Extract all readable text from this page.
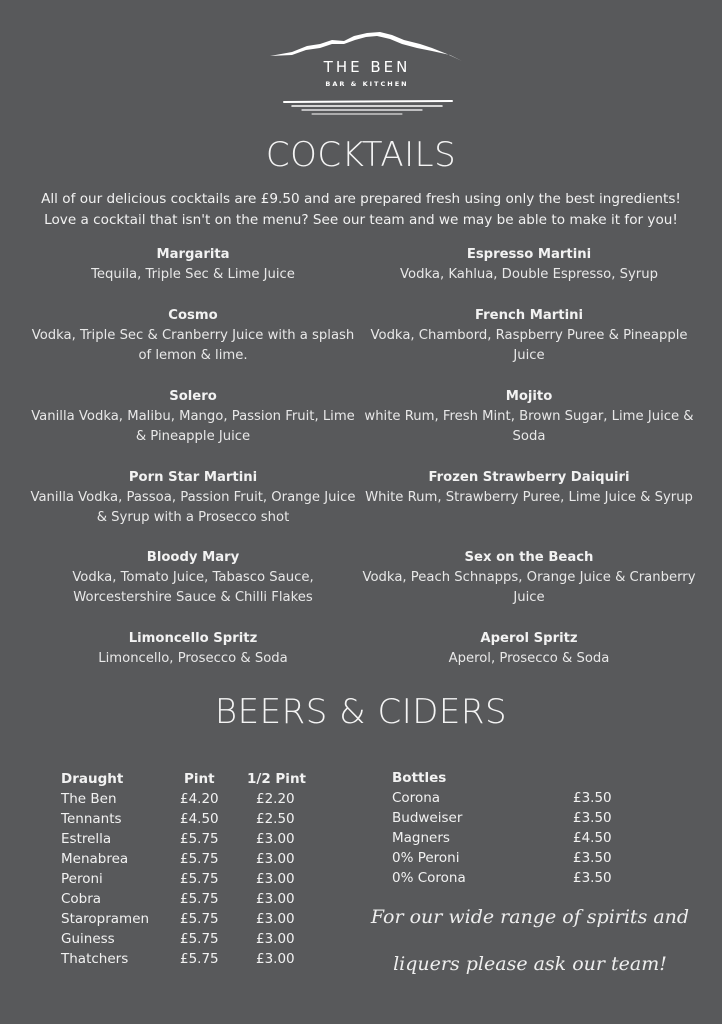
THE BEN
BAR & KITCHEN
COCKTAILS
All of our delicious cocktails are £9.50 and are prepared fresh using only the best ingredients!
Love a cocktail that isn't on the menu? See our team and we may be able to make it for you!
Margarita
Tequila, Triple Sec & Lime Juice
Espresso Martini
Vodka, Kahlua, Double Espresso, Syrup
Cosmo
Vodka, Triple Sec & Cranberry Juice with a splash of lemon & lime.
French Martini
Vodka, Chambord, Raspberry Puree & Pineapple Juice
Solero
Vanilla Vodka, Malibu, Mango, Passion Fruit, Lime & Pineapple Juice
Mojito
white Rum, Fresh Mint, Brown Sugar, Lime Juice & Soda
Porn Star Martini
Vanilla Vodka, Passoa, Passion Fruit, Orange Juice & Syrup with a Prosecco shot
Frozen Strawberry Daiquiri
White Rum, Strawberry Puree, Lime Juice & Syrup
Bloody Mary
Vodka, Tomato Juice, Tabasco Sauce, Worcestershire Sauce & Chilli Flakes
Sex on the Beach
Vodka, Peach Schnapps, Orange Juice & Cranberry Juice
Limoncello Spritz
Limoncello, Prosecco & Soda
Aperol Spritz
Aperol, Prosecco & Soda
BEERS & CIDERS
Draught	Pint	1/2 Pint
The Ben	£4.20	£2.20
Tennants	£4.50	£2.50
Estrella	£5.75	£3.00
Menabrea	£5.75	£3.00
Peroni	£5.75	£3.00
Cobra	£5.75	£3.00
Staropramen	£5.75	£3.00
Guiness	£5.75	£3.00
Thatchers	£5.75	£3.00
Bottles	
Corona	£3.50
Budweiser	£3.50
Magners	£4.50
0% Peroni	£3.50
0% Corona	£3.50
For our wide range of spirits and
liquers please ask our team!
